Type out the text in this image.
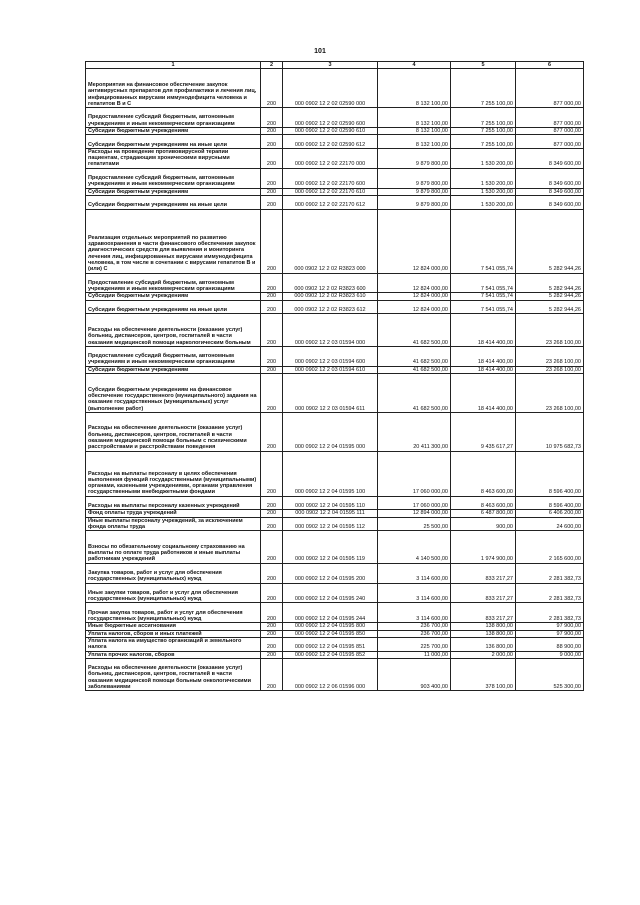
101
1	2	3	4	5	6
Мероприятия на финансовое обеспечение закупок антивирусных препаратов для профилактики и лечения лиц, инфицированных вирусами иммунодефицита человека и гепатитов B и C	200	000 0902 12 2 02 02590 000	8 132 100,00	7 255 100,00	877 000,00
Предоставление субсидий бюджетным, автономным учреждениям и иным некоммерческим организациям	200	000 0902 12 2 02 02590 600	8 132 100,00	7 255 100,00	877 000,00
Субсидии бюджетным учреждениям	200	000 0902 12 2 02 02590 610	8 132 100,00	7 255 100,00	877 000,00
Субсидии бюджетным учреждениям на иные цели	200	000 0902 12 2 02 02590 612	8 132 100,00	7 255 100,00	877 000,00
Расходы на проведение противовирусной терапии пациентам, страдающим хроническими вирусными гепатитами	200	000 0902 12 2 02 22170 000	9 879 800,00	1 530 200,00	8 349 600,00
Предоставление субсидий бюджетным, автономным учреждениям и иным некоммерческим организациям	200	000 0902 12 2 02 22170 600	9 879 800,00	1 530 200,00	8 349 600,00
Субсидии бюджетным учреждениям	200	000 0902 12 2 02 22170 610	9 879 800,00	1 530 200,00	8 349 600,00
Субсидии бюджетным учреждениям на иные цели	200	000 0902 12 2 02 22170 612	9 879 800,00	1 530 200,00	8 349 600,00
Реализация отдельных мероприятий по развитию здравоохранения в части финансового обеспечения закупок диагностических средств для выявления и мониторинга лечения лиц, инфицированных вирусами иммунодефицита человека, в том числе в сочетании с вирусами гепатитов B и (или) C	200	000 0902 12 2 02 R3823 000	12 824 000,00	7 541 055,74	5 282 944,26
Предоставление субсидий бюджетным, автономным учреждениям и иным некоммерческим организациям	200	000 0902 12 2 02 R3823 600	12 824 000,00	7 541 055,74	5 282 944,26
Субсидии бюджетным учреждениям	200	000 0902 12 2 02 R3823 610	12 824 000,00	7 541 055,74	5 282 944,26
Субсидии бюджетным учреждениям на иные цели	200	000 0902 12 2 02 R3823 612	12 824 000,00	7 541 055,74	5 282 944,26
Расходы на обеспечение деятельности (оказание услуг) больниц, диспансеров, центров, госпиталей в части оказания медицинской помощи наркологическим больным	200	000 0902 12 2 03 01594 000	41 682 500,00	18 414 400,00	23 268 100,00
Предоставление субсидий бюджетным, автономным учреждениям и иным некоммерческим организациям	200	000 0902 12 2 03 01594 600	41 682 500,00	18 414 400,00	23 268 100,00
Субсидии бюджетным учреждениям	200	000 0902 12 2 03 01594 610	41 682 500,00	18 414 400,00	23 268 100,00
Субсидии бюджетным учреждениям на финансовое обеспечение государственного (муниципального) задания на оказание государственных (муниципальных) услуг (выполнение работ)	200	000 0902 12 2 03 01594 611	41 682 500,00	18 414 400,00	23 268 100,00
Расходы на обеспечение деятельности (оказание услуг) больниц, диспансеров, центров, госпиталей в части оказания медицинской помощи больным с психическими расстройствами и расстройствами поведения	200	000 0902 12 2 04 01595 000	20 411 300,00	9 435 617,27	10 975 682,73
Расходы на выплаты персоналу в целях обеспечения выполнения функций государственными (муниципальными) органами, казенными учреждениями, органами управления государственными внебюджетными фондами	200	000 0902 12 2 04 01595 100	17 060 000,00	8 463 600,00	8 596 400,00
Расходы на выплаты персоналу казенных учреждений	200	000 0902 12 2 04 01595 110	17 060 000,00	8 463 600,00	8 596 400,00
Фонд оплаты труда учреждений	200	000 0902 12 2 04 01595 111	12 894 000,00	6 487 800,00	6 406 200,00
Иные выплаты персоналу учреждений, за исключением фонда оплаты труда	200	000 0902 12 2 04 01595 112	25 500,00	900,00	24 600,00
Взносы по обязательному социальному страхованию на выплаты по оплате труда работников и иные выплаты работникам учреждений	200	000 0902 12 2 04 01595 119	4 140 500,00	1 974 900,00	2 165 600,00
Закупка товаров, работ и услуг для обеспечения государственных (муниципальных) нужд	200	000 0902 12 2 04 01595 200	3 114 600,00	833 217,27	2 281 382,73
Иные закупки товаров, работ и услуг для обеспечения государственных (муниципальных) нужд	200	000 0902 12 2 04 01595 240	3 114 600,00	833 217,27	2 281 382,73
Прочая закупка товаров, работ и услуг для обеспечения государственных (муниципальных) нужд	200	000 0902 12 2 04 01595 244	3 114 600,00	833 217,27	2 281 382,73
Иные бюджетные ассигнования	200	000 0902 12 2 04 01595 800	236 700,00	138 800,00	97 900,00
Уплата налогов, сборов и иных платежей	200	000 0902 12 2 04 01595 850	236 700,00	138 800,00	97 900,00
Уплата налога на имущество организаций и земельного налога	200	000 0902 12 2 04 01595 851	225 700,00	136 800,00	88 900,00
Уплата прочих налогов, сборов	200	000 0902 12 2 04 01595 852	11 000,00	2 000,00	9 000,00
Расходы на обеспечение деятельности (оказание услуг) больниц, диспансеров, центров, госпиталей в части оказания медицинской помощи больным онкологическими заболеваниями	200	000 0902 12 2 06 01596 000	903 400,00	378 100,00	525 300,00
